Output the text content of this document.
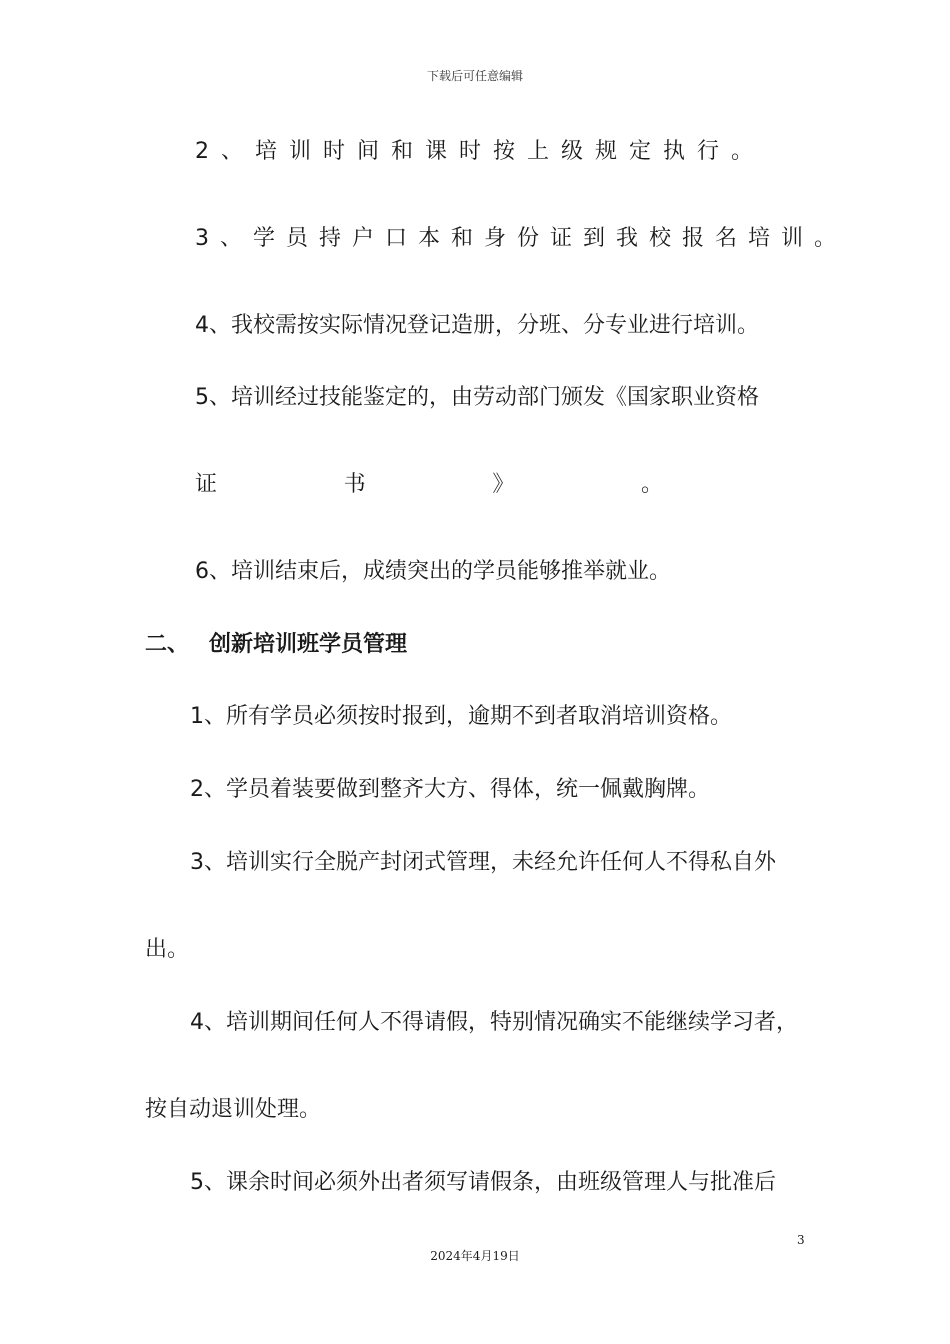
下载后可任意编辑
2、培训时间和课时按上级规定执行。
3、学员持户口本和身份证到我校报名培训。
4、我校需按实际情况登记造册，分班、分专业进行培训。
5、培训经过技能鉴定的，由劳动部门颁发《国家职业资格
证	书	》	。
6、培训结束后，成绩突出的学员能够推举就业。
二、 创新培训班学员管理
1、所有学员必须按时报到，逾期不到者取消培训资格。
2、学员着装要做到整齐大方、得体，统一佩戴胸牌。
3、培训实行全脱产封闭式管理，未经允许任何人不得私自外
出。
4、培训期间任何人不得请假，特别情况确实不能继续学习者，
按自动退训处理。
5、课余时间必须外出者须写请假条，由班级管理人与批准后
3
2024年4月19日
